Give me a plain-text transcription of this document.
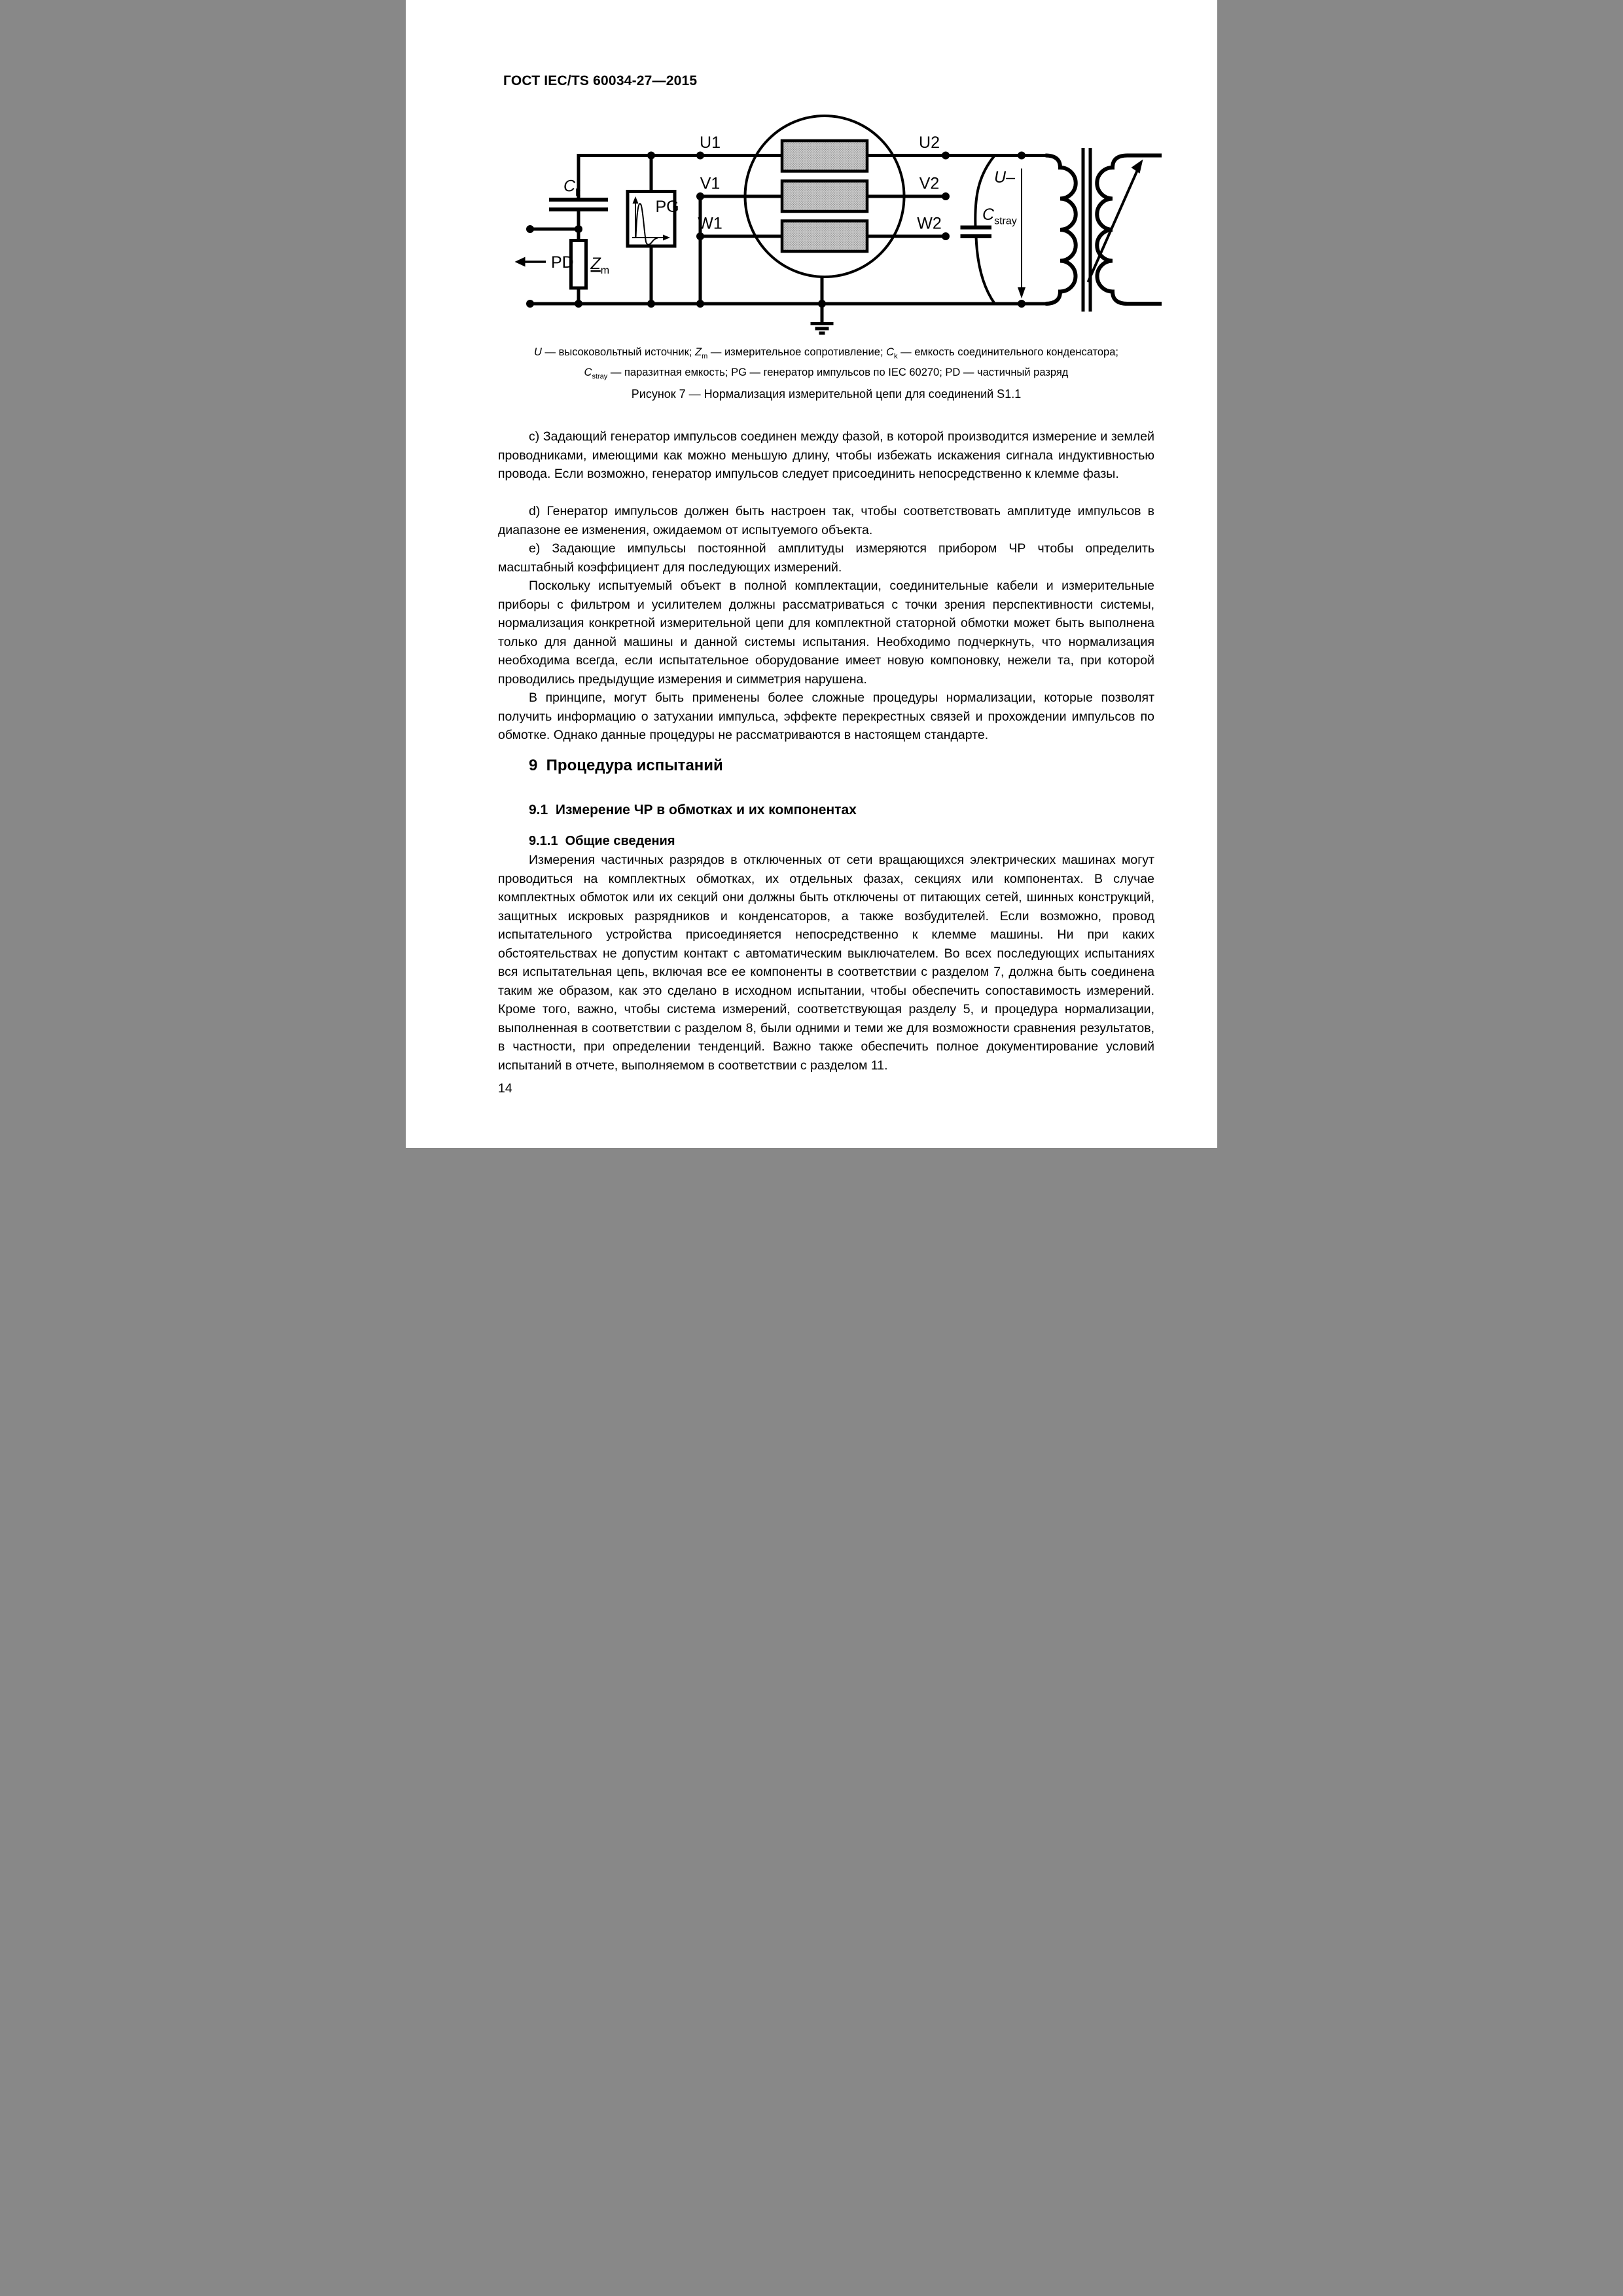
ГОСТ IEC/TS 60034-27—2015
U1
V1
W1
U2
V2
W2
$C_k$
$Z_m$
PG
PD
$C_{stray}$
U–
U — высоковольтный источник; $Z_m$ — измерительное сопротивление; $C_k$ — емкость соединительного конденсатора;
$C_{stray}$ — паразитная емкость; PG — генератор импульсов по IEC 60270; PD — частичный разряд
Рисунок 7 — Нормализация измерительной цепи для соединений S1.1
c) Задающий генератор импульсов соединен между фазой, в которой производится измерение и землей проводниками, имеющими как можно меньшую длину, чтобы избежать искажения сигнала индуктивностью провода. Если возможно, генератор импульсов следует присоединить непосредственно к клемме фазы.
d) Генератор импульсов должен быть настроен так, чтобы соответствовать амплитуде импульсов в диапазоне ее изменения, ожидаемом от испытуемого объекта.
e) Задающие импульсы постоянной амплитуды измеряются прибором ЧР чтобы определить масштабный коэффициент для последующих измерений.
Поскольку испытуемый объект в полной комплектации, соединительные кабели и измерительные приборы с фильтром и усилителем должны рассматриваться с точки зрения перспективности системы, нормализация конкретной измерительной цепи для комплектной статорной обмотки может быть выполнена только для данной машины и данной системы испытания. Необходимо подчеркнуть, что нормализация необходима всегда, если испытательное оборудование имеет новую компоновку, нежели та, при которой проводились предыдущие измерения и симметрия нарушена.
В принципе, могут быть применены более сложные процедуры нормализации, которые позволят получить информацию о затухании импульса, эффекте перекрестных связей и прохождении импульсов по обмотке. Однако данные процедуры не рассматриваются в настоящем стандарте.
9  Процедура испытаний
9.1  Измерение ЧР в обмотках и их компонентах
9.1.1  Общие сведения
Измерения частичных разрядов в отключенных от сети вращающихся электрических машинах могут проводиться на комплектных обмотках, их отдельных фазах, секциях или компонентах. В случае комплектных обмоток или их секций они должны быть отключены от питающих сетей, шинных конструкций, защитных искровых разрядников и конденсаторов, а также возбудителей. Если возможно, провод испытательного устройства присоединяется непосредственно к клемме машины. Ни при каких обстоятельствах не допустим контакт с автоматическим выключателем. Во всех последующих испытаниях вся испытательная цепь, включая все ее компоненты в соответствии с разделом 7, должна быть соединена таким же образом, как это сделано в исходном испытании, чтобы обеспечить сопоставимость измерений. Кроме того, важно, чтобы система измерений, соответствующая разделу 5, и процедура нормализации, выполненная в соответствии с разделом 8, были одними и теми же для возможности сравнения результатов, в частности, при определении тенденций. Важно также обеспечить полное документирование условий испытаний в отчете, выполняемом в соответствии с разделом 11.
14
